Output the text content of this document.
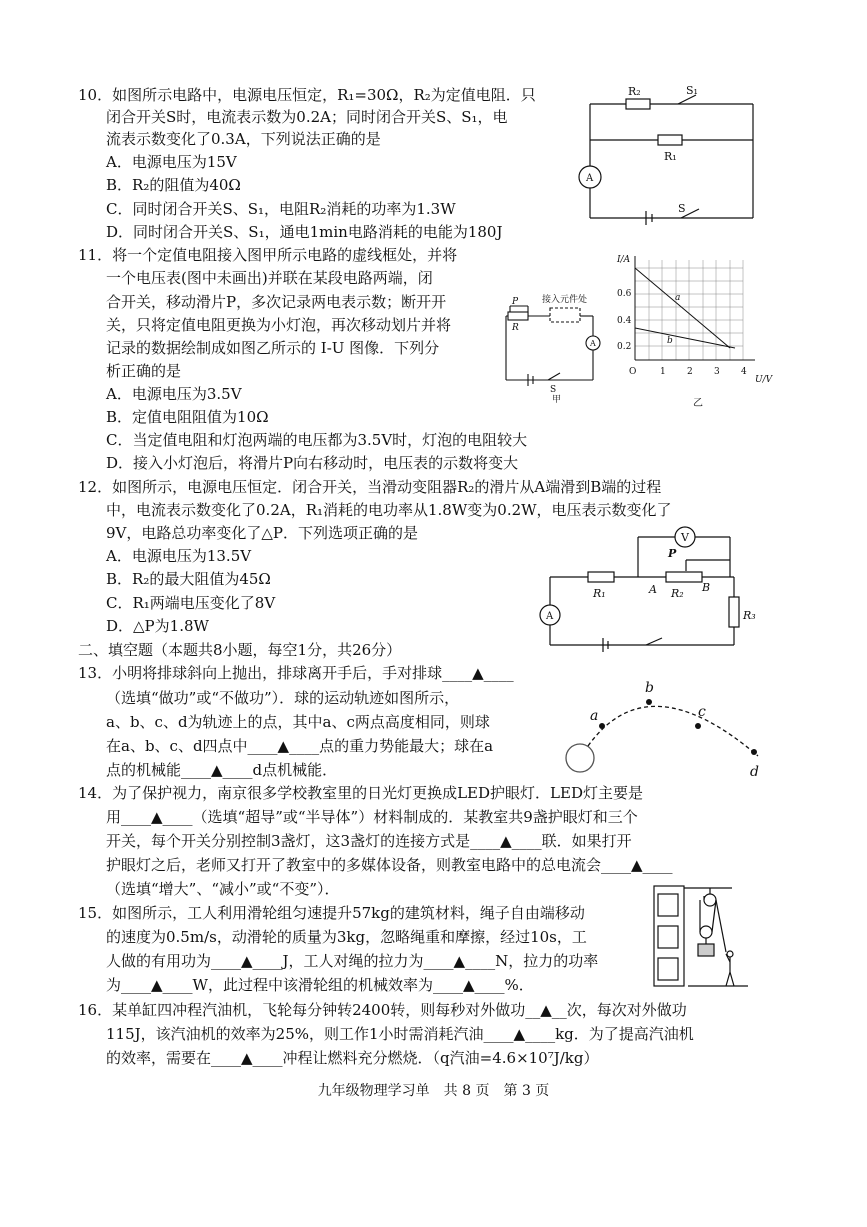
10．如图所示电路中，电源电压恒定，R₁=30Ω，R₂为定值电阻．只
闭合开关S时，电流表示数为0.2A；同时闭合开关S、S₁，电
流表示数变化了0.3A，下列说法正确的是
A．电源电压为15V
B．R₂的阻值为40Ω
C．同时闭合开关S、S₁，电阻R₂消耗的功率为1.3W
D．同时闭合开关S、S₁，通电1min电路消耗的电能为180J
11．将一个定值电阻接入图甲所示电路的虚线框处，并将
一个电压表(图中未画出)并联在某段电路两端，闭
合开关，移动滑片P，多次记录两电表示数；断开开
关，只将定值电阻更换为小灯泡，再次移动划片并将
记录的数据绘制成如图乙所示的 I-U 图像．下列分
析正确的是
A．电源电压为3.5V
B．定值电阻阻值为10Ω
C．当定值电阻和灯泡两端的电压都为3.5V时，灯泡的电阻较大
D．接入小灯泡后，将滑片P向右移动时，电压表的示数将变大
12．如图所示，电源电压恒定．闭合开关，当滑动变阻器R₂的滑片从A端滑到B端的过程
中，电流表示数变化了0.2A，R₁消耗的电功率从1.8W变为0.2W，电压表示数变化了
9V，电路总功率变化了△P．下列选项正确的是
A．电源电压为13.5V
B．R₂的最大阻值为45Ω
C．R₁两端电压变化了8V
D．△P为1.8W
二、填空题（本题共8小题，每空1分，共26分）
13．小明将排球斜向上抛出，排球离开手后，手对排球____▲____
（选填“做功”或“不做功”）．球的运动轨迹如图所示，
a、b、c、d为轨迹上的点，其中a、c两点高度相同，则球
在a、b、c、d四点中____▲____点的重力势能最大；球在a
点的机械能____▲____d点机械能．
14．为了保护视力，南京很多学校教室里的日光灯更换成LED护眼灯．LED灯主要是
用____▲____（选填“超导”或“半导体”）材料制成的．某教室共9盏护眼灯和三个
开关，每个开关分别控制3盏灯，这3盏灯的连接方式是____▲____联．如果打开
护眼灯之后，老师又打开了教室中的多媒体设备，则教室电路中的总电流会____▲____
（选填“增大”、“减小”或“不变”）．
15．如图所示，工人利用滑轮组匀速提升57kg的建筑材料，绳子自由端移动
的速度为0.5m/s，动滑轮的质量为3kg，忽略绳重和摩擦，经过10s，工
人做的有用功为____▲____J，工人对绳的拉力为____▲____N，拉力的功率
为____▲____W，此过程中该滑轮组的机械效率为____▲____%．
16．某单缸四冲程汽油机，飞轮每分钟转2400转，则每秒对外做功__▲__次，每次对外做功
115J，该汽油机的效率为25%，则工作1小时需消耗汽油____▲____kg．为了提高汽油机
的效率，需要在____▲____冲程让燃料充分燃烧．（q汽油=4.6×10⁷J/kg）
R₂	S₁
R₁
A
S
接入元件处
P
R
A
S
甲
I/A
U/V
0.6
0.4
0.2
O	1 2 3 4
a
b
乙
V
P
A
R₁	A R₂ B
R₃
a
b
c
d
九年级物理学习单　共 8 页　第 3 页
